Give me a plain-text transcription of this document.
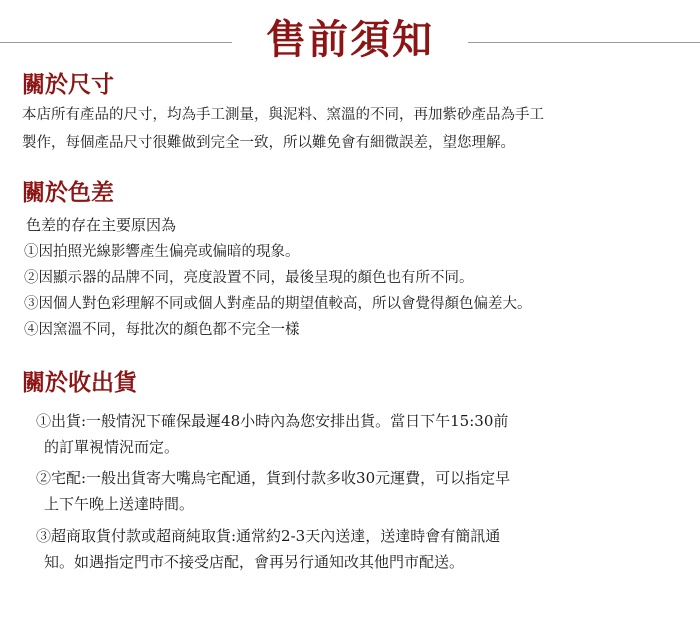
售前須知
關於尺寸

本店所有產品的尺寸，均為手工測量，與泥料、窯溫的不同，再加紫砂產品為手工

製作，每個產品尺寸很難做到完全一致，所以難免會有細微誤差，望您理解。

關於色差

色差的存在主要原因為

①因拍照光線影響產生偏亮或偏暗的現象。

②因顯示器的品牌不同，亮度設置不同，最後呈現的顏色也有所不同。

③因個人對色彩理解不同或個人對產品的期望值較高，所以會覺得顏色偏差大。

④因窯溫不同，每批次的顏色都不完全一樣

關於收出貨

①出貨:一般情況下確保最遲48小時內為您安排出貨。當日下午15:30前

的訂單視情況而定。

②宅配:一般出貨寄大嘴鳥宅配通，貨到付款多收30元運費，可以指定早

上下午晚上送達時間。

③超商取貨付款或超商純取貨:通常約2-3天內送達，送達時會有簡訊通

知。如遇指定門市不接受店配，會再另行通知改其他門市配送。
